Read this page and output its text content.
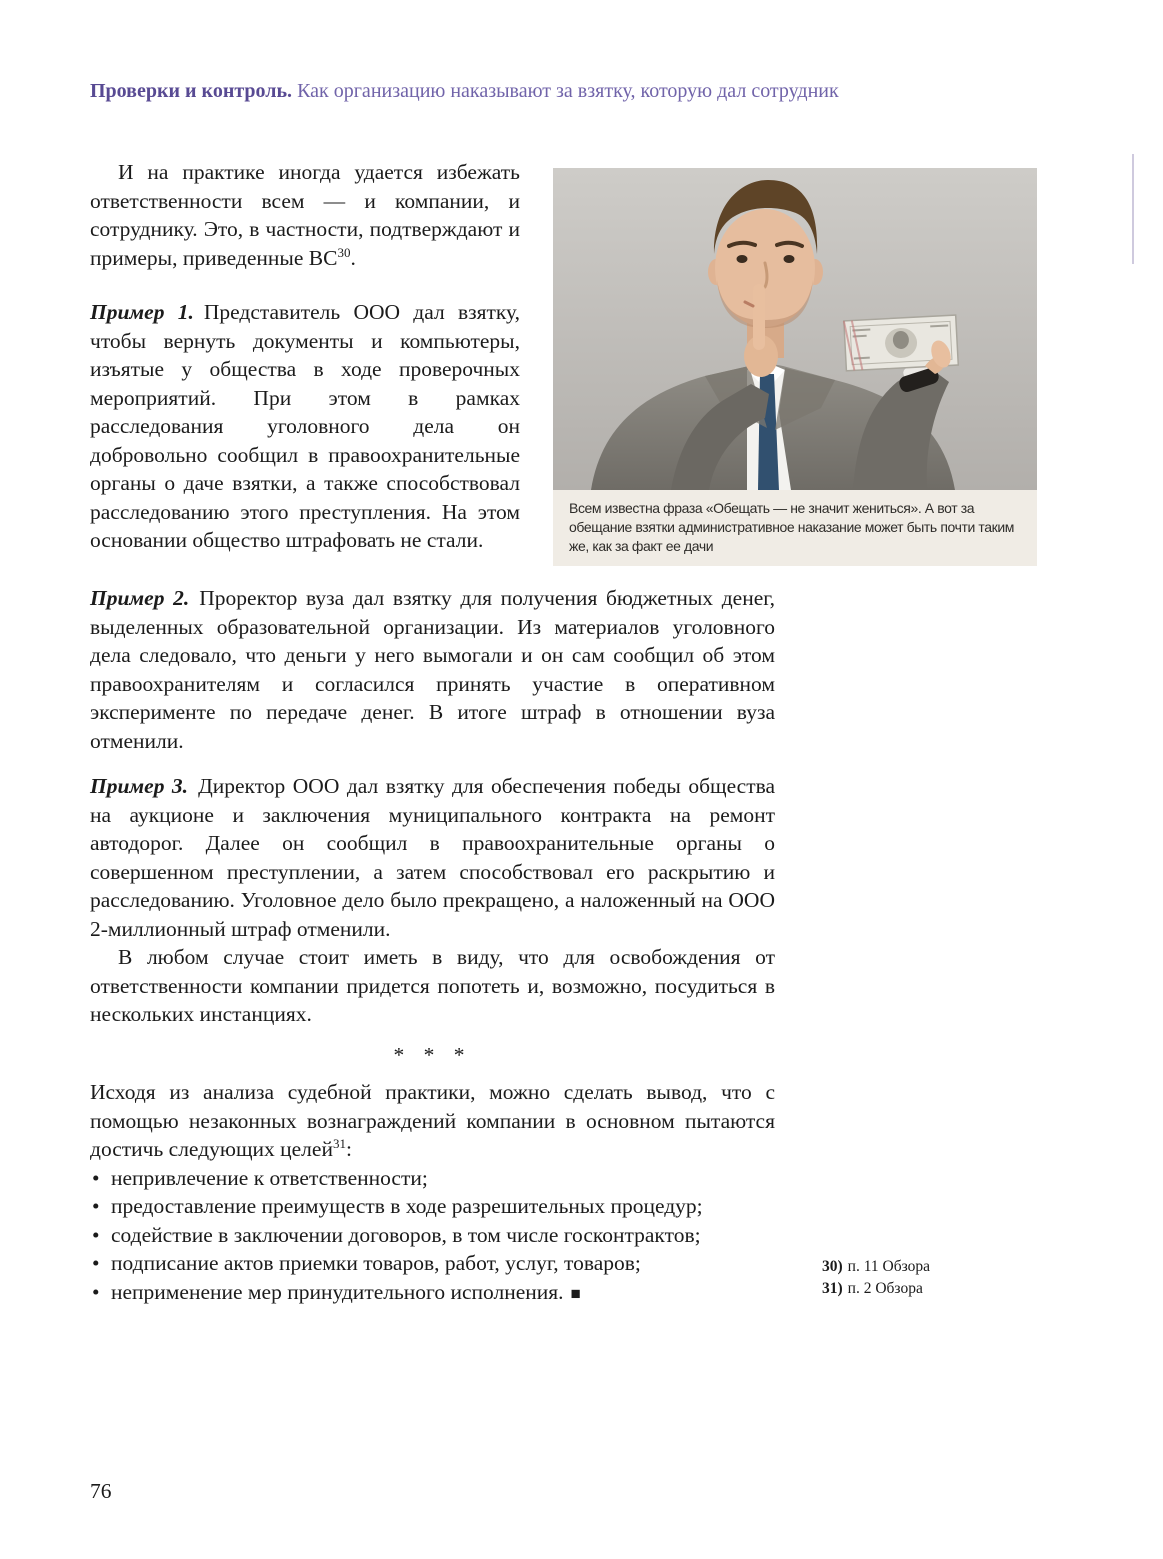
Проверки и контроль. Как организацию наказывают за взятку, которую дал сотрудник
Всем известна фраза «Обещать — не значит жениться». А вот за обещание взятки административное наказание может быть почти таким же, как за факт ее дачи

И на практике иногда удается избежать ответственности всем — и компании, и сотруднику. Это, в частности, подтверждают и примеры, приведенные ВС$^{30}$.

Пример 1. Представитель ООО дал взятку, чтобы вернуть документы и компьютеры, изъятые у общества в ходе проверочных мероприятий. При этом в рамках расследования уголовного дела он добровольно сообщил в правоохранительные органы о даче взятки, а также способствовал расследованию этого преступления. На этом основании общество штрафовать не стали.

Пример 2. Проректор вуза дал взятку для получения бюджетных денег, выделенных образовательной организации. Из материалов уголовного дела следовало, что деньги у него вымогали и он сам сообщил об этом правоохранителям и согласился принять участие в оперативном эксперименте по передаче денег. В итоге штраф в отношении вуза отменили.

Пример 3. Директор ООО дал взятку для обеспечения победы общества на аукционе и заключения муниципального контракта на ремонт автодорог. Далее он сообщил в правоохранительные органы о совершенном преступлении, а затем способствовал его раскрытию и расследованию. Уголовное дело было прекращено, а наложенный на ООО 2-миллионный штраф отменили.

В любом случае стоит иметь в виду, что для освобождения от ответственности компании придется попотеть и, возможно, посудиться в нескольких инстанциях.

* * *

Исходя из анализа судебной практики, можно сделать вывод, что с помощью незаконных вознаграждений компании в основном пытаются достичь следующих целей$^{31}$:

• непривлечение к ответственности;
• предоставление преимуществ в ходе разрешительных процедур;
• содействие в заключении договоров, в том числе госконтрактов;
• подписание актов приемки товаров, работ, услуг, товаров;
• неприменение мер принудительного исполнения. ■
30) п. 11 Обзора
31) п. 2 Обзора
76
